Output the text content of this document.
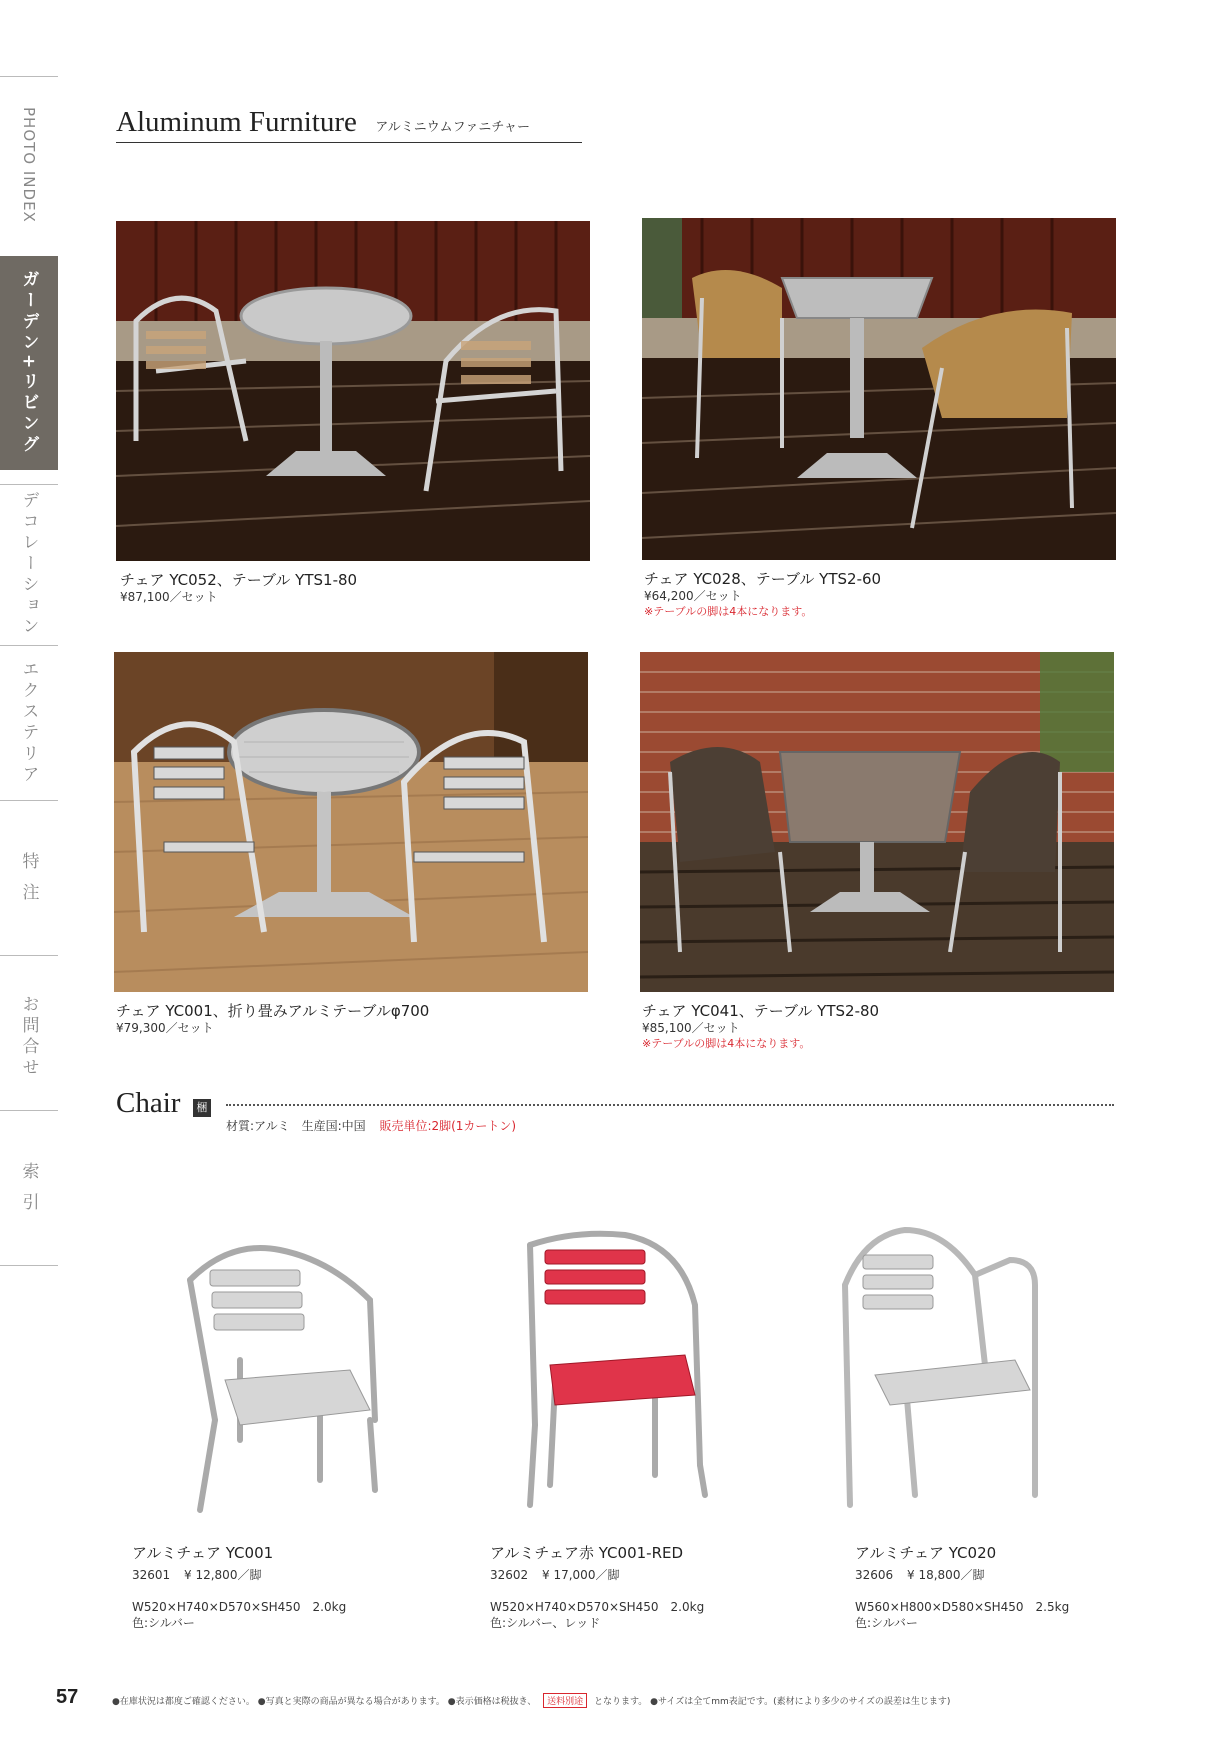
PHOTO INDEX
ガーデン+リビング
デコレーション
エクステリア
特注
お問合せ
索引
Aluminum Furniture アルミニウムファニチャー
チェア YC052、テーブル YTS1-80
¥87,100／セット
チェア YC028、テーブル YTS2-60
¥64,200／セット
※テーブルの脚は4本になります。
チェア YC001、折り畳みアルミテーブルφ700
¥79,300／セット
チェア YC041、テーブル YTS2-80
¥85,100／セット
※テーブルの脚は4本になります。
Chair 梱
材質:アルミ　生産国:中国 販売単位:2脚(1カートン)
アルミチェア YC001
32601 ¥ 12,800／脚
W520×H740×D570×SH450　2.0kg
色:シルバー
アルミチェア赤 YC001-RED
32602 ¥ 17,000／脚
W520×H740×D570×SH450　2.0kg
色:シルバー、レッド
アルミチェア YC020
32606 ¥ 18,800／脚
W560×H800×D580×SH450　2.5kg
色:シルバー
57	●在庫状況は都度ご確認ください。 ●写真と実際の商品が異なる場合があります。 ●表示価格は税抜き、 送料別途 となります。 ●サイズは全てmm表記です。(素材により多少のサイズの誤差は生じます)
